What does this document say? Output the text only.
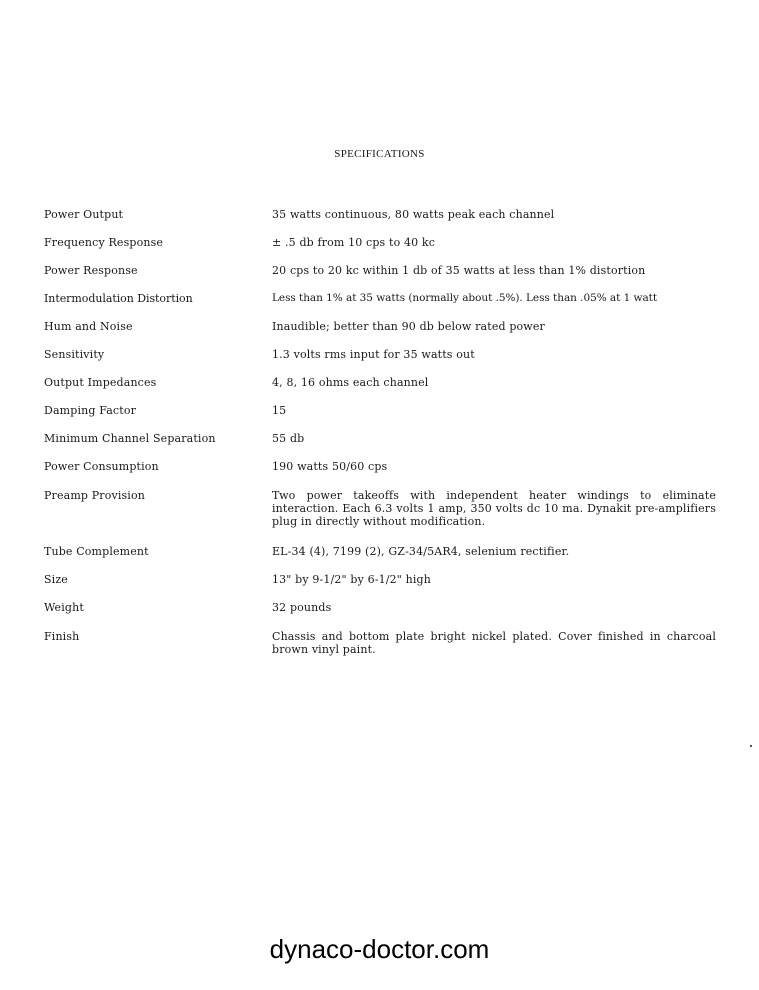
SPECIFICATIONS
Power Output	35 watts continuous, 80 watts peak each channel
Frequency Response	± .5 db from 10 cps to 40 kc
Power Response	20 cps to 20 kc within 1 db of 35 watts at less than 1% distortion
Intermodulation Distortion	Less than 1% at 35 watts (normally about .5%). Less than .05% at 1 watt
Hum and Noise	Inaudible; better than 90 db below rated power
Sensitivity	1.3 volts rms input for 35 watts out
Output Impedances	4, 8, 16 ohms each channel
Damping Factor	15
Minimum Channel Separation	55 db
Power Consumption	190 watts 50/60 cps
Preamp Provision	Two power takeoffs with independent heater windings to eliminate interaction. Each 6.3 volts 1 amp, 350 volts dc 10 ma. Dynakit pre-amplifiers plug in directly without modification.
Tube Complement	EL-34 (4), 7199 (2), GZ-34/5AR4, selenium rectifier.
Size	13" by 9-1/2" by 6-1/2" high
Weight	32 pounds
Finish	Chassis and bottom plate bright nickel plated. Cover finished in charcoal brown vinyl paint.
dynaco-doctor.com
